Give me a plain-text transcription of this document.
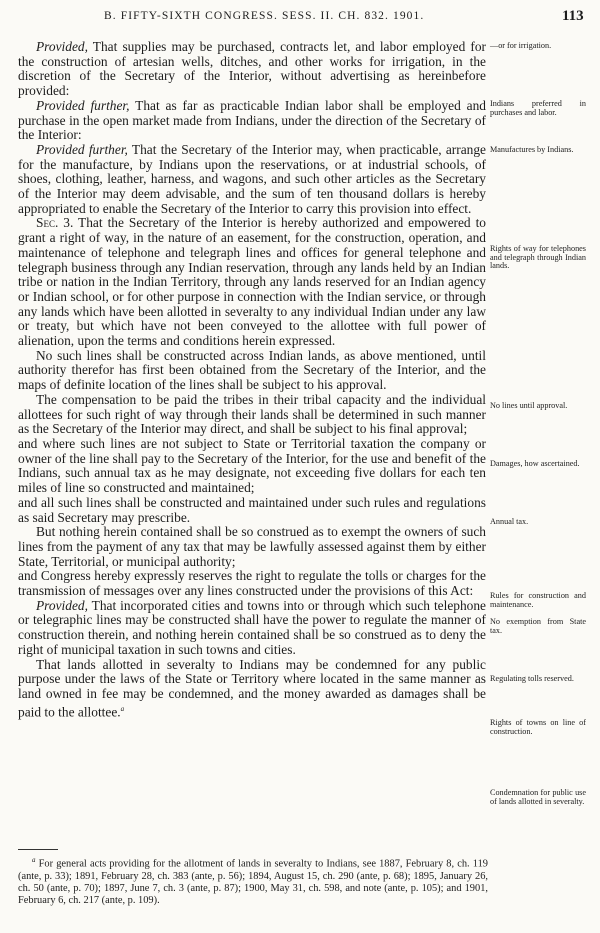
B. FIFTY-SIXTH CONGRESS. SESS. II. CH. 832. 1901.	113

Provided, That supplies may be purchased, contracts let, and labor employed for the construction of artesian wells, ditches, and other works for irrigation, in the discretion of the Secretary of the Interior, without advertising as hereinbefore provided:

Provided further, That as far as practicable Indian labor shall be employed and purchase in the open market made from Indians, under the direction of the Secretary of the Interior:

Provided further, That the Secretary of the Interior may, when practicable, arrange for the manufacture, by Indians upon the reservations, or at industrial schools, of shoes, clothing, leather, harness, and wagons, and such other articles as the Secretary of the Interior may deem advisable, and the sum of ten thousand dollars is hereby appropriated to enable the Secretary of the Interior to carry this provision into effect.

Sec. 3. That the Secretary of the Interior is hereby authorized and empowered to grant a right of way, in the nature of an easement, for the construction, operation, and maintenance of telephone and telegraph lines and offices for general telephone and telegraph business through any Indian reservation, through any lands held by an Indian tribe or nation in the Indian Territory, through any lands reserved for an Indian agency or Indian school, or for other purpose in connection with the Indian service, or through any lands which have been allotted in severalty to any individual Indian under any law or treaty, but which have not been conveyed to the allottee with full power of alienation, upon the terms and conditions herein expressed.

No such lines shall be constructed across Indian lands, as above mentioned, until authority therefor has first been obtained from the Secretary of the Interior, and the maps of definite location of the lines shall be subject to his approval.

The compensation to be paid the tribes in their tribal capacity and the individual allottees for such right of way through their lands shall be determined in such manner as the Secretary of the Interior may direct, and shall be subject to his final approval;

and where such lines are not subject to State or Territorial taxation the company or owner of the line shall pay to the Secretary of the Interior, for the use and benefit of the Indians, such annual tax as he may designate, not exceeding five dollars for each ten miles of line so constructed and maintained;

and all such lines shall be constructed and maintained under such rules and regulations as said Secretary may prescribe.

But nothing herein contained shall be so construed as to exempt the owners of such lines from the payment of any tax that may be lawfully assessed against them by either State, Territorial, or municipal authority;

and Congress hereby expressly reserves the right to regulate the tolls or charges for the transmission of messages over any lines constructed under the provisions of this Act:

Provided, That incorporated cities and towns into or through which such telephone or telegraphic lines may be constructed shall have the power to regulate the manner of construction therein, and nothing herein contained shall be so construed as to deny the right of municipal taxation in such towns and cities.

That lands allotted in severalty to Indians may be condemned for any public purpose under the laws of the State or Territory where located in the same manner as land owned in fee may be condemned, and the money awarded as damages shall be paid to the allottee.$^a$

—or for irrigation.
Indians preferred in purchases and labor.
Manufactures by Indians.
Rights of way for telephones and telegraph through Indian lands.
No lines until approval.
Damages, how ascertained.
Annual tax.
Rules for construction and maintenance.
No exemption from State tax.
Regulating tolls reserved.
Rights of towns on line of construction.
Condemnation for public use of lands allotted in severalty.

$^a$ For general acts providing for the allotment of lands in severalty to Indians, see 1887, February 8, ch. 119 (ante, p. 33); 1891, February 28, ch. 383 (ante, p. 56); 1894, August 15, ch. 290 (ante, p. 68); 1895, January 26, ch. 50 (ante, p. 70); 1897, June 7, ch. 3 (ante, p. 87); 1900, May 31, ch. 598, and note (ante, p. 105); and 1901, February 6, ch. 217 (ante, p. 109).
